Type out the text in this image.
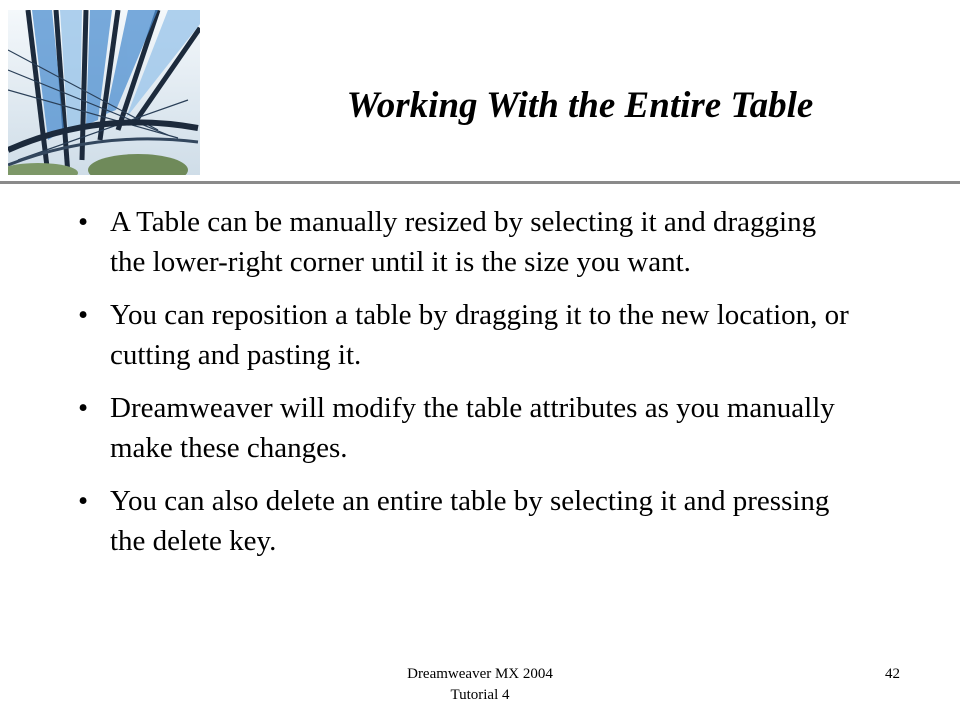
Working With the Entire Table
• A Table can be manually resized by selecting it and dragging the lower-right corner until it is the size you want.
• You can reposition a table by dragging it to the new location, or cutting and pasting it.
• Dreamweaver will modify the table attributes as you manually make these changes.
• You can also delete an entire table by selecting it and pressing the delete key.
Dreamweaver MX 2004
Tutorial 4
42
